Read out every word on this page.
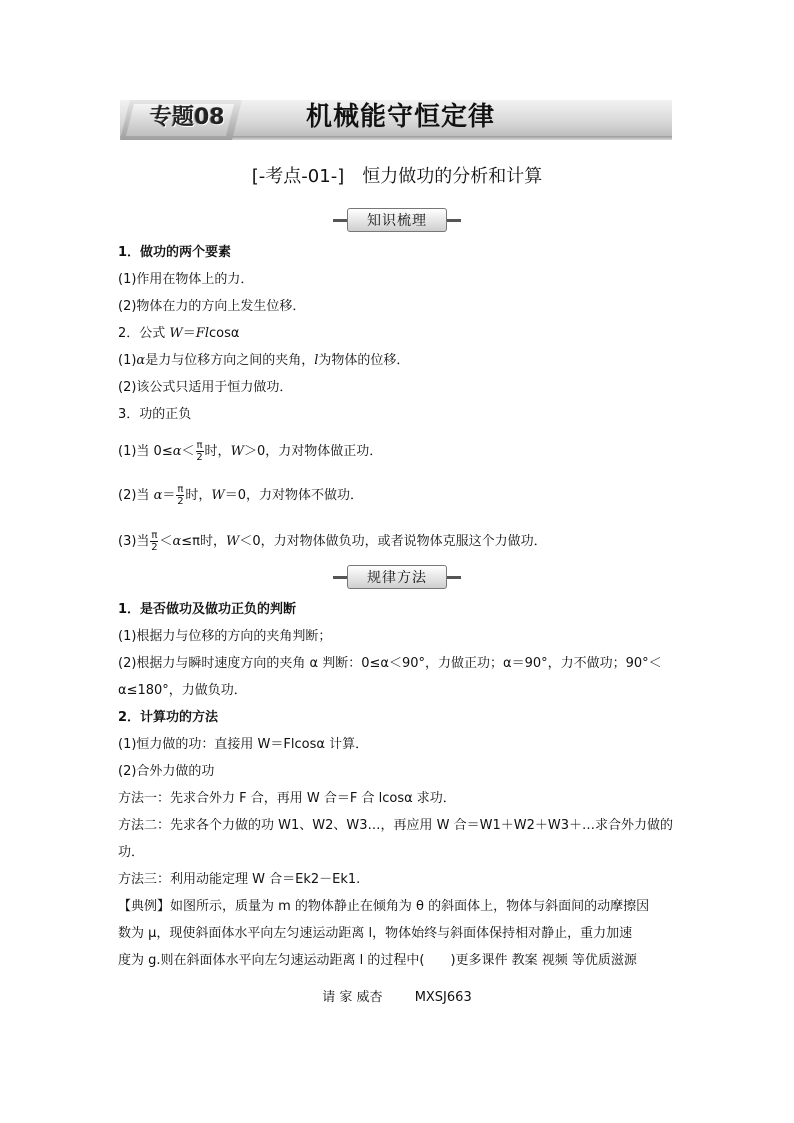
专题08	机械能守恒定律
[-考点-01-]　恒力做功的分析和计算
知识梳理
1．做功的两个要素
(1)作用在物体上的力．
(2)物体在力的方向上发生位移．
2．公式 W＝Flcosα
(1)α是力与位移方向之间的夹角，l为物体的位移．
(2)该公式只适用于恒力做功．
3．功的正负
(1)当 $0\le\alpha< \frac{\pi}{2}$ 时，W＞0，力对物体做正功．
(2)当 $\alpha= \frac{\pi}{2}$ 时，W＝0，力对物体不做功．
(3)当 $\frac{\pi}{2} <\alpha\le\pi$时，W＜0，力对物体做负功，或者说物体克服这个力做功．
规律方法
1．是否做功及做功正负的判断
(1)根据力与位移的方向的夹角判断；
(2)根据力与瞬时速度方向的夹角 α 判断：0≤α＜90°，力做正功；α＝90°，力不做功；90°＜
α≤180°，力做负功．
2．计算功的方法
(1)恒力做的功：直接用 W＝Flcosα 计算．
(2)合外力做的功
方法一：先求合外力 F 合，再用 W 合＝F 合 lcosα 求功．
方法二：先求各个力做的功 W1、W2、W3…，再应用 W 合＝W1＋W2＋W3＋…求合外力做的
功．
方法三：利用动能定理 W 合＝Ek2－Ek1.
【典例】如图所示，质量为 m 的物体静止在倾角为 θ 的斜面体上，物体与斜面间的动摩擦因
数为 μ，现使斜面体水平向左匀速运动距离 l，物体始终与斜面体保持相对静止，重力加速
度为 g.则在斜面体水平向左匀速运动距离 l 的过程中(　　)更多课件 教案 视频 等优质滋源
请 家 威杏 MXSJ663
